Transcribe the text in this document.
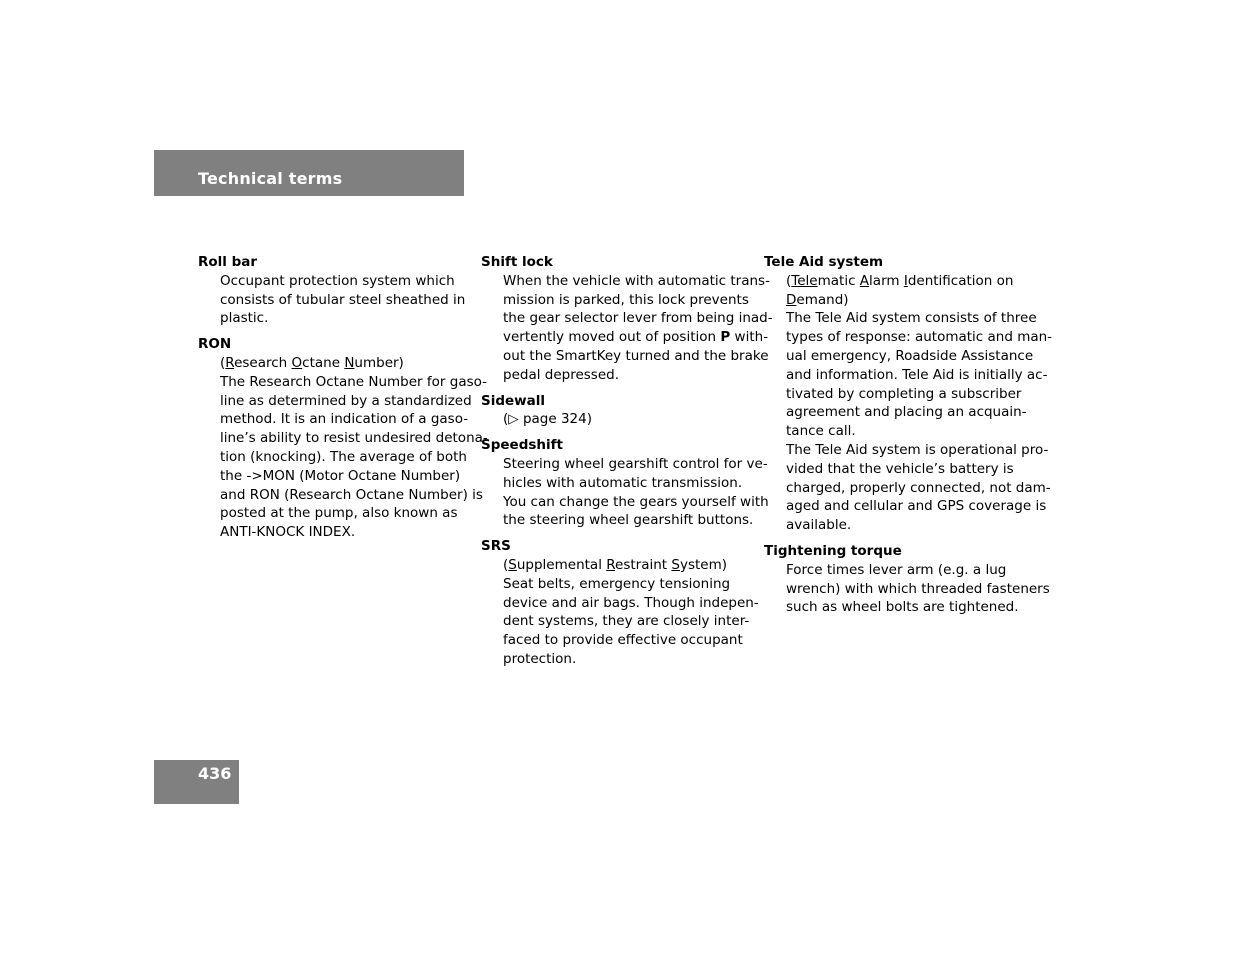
Technical terms
Roll bar
Occupant protection system which
consists of tubular steel sheathed in
plastic.
RON
(Research Octane Number)
The Research Octane Number for gaso-
line as determined by a standardized
method. It is an indication of a gaso-
line’s ability to resist undesired detona-
tion (knocking). The average of both
the ->MON (Motor Octane Number)
and RON (Research Octane Number) is
posted at the pump, also known as
ANTI-KNOCK INDEX.
Shift lock
When the vehicle with automatic trans-
mission is parked, this lock prevents
the gear selector lever from being inad-
vertently moved out of position P with-
out the SmartKey turned and the brake
pedal depressed.
Sidewall
(▷ page 324)
Speedshift
Steering wheel gearshift control for ve-
hicles with automatic transmission.
You can change the gears yourself with
the steering wheel gearshift buttons.
SRS
(Supplemental Restraint System)
Seat belts, emergency tensioning
device and air bags. Though indepen-
dent systems, they are closely inter-
faced to provide effective occupant
protection.
Tele Aid system
(Telematic Alarm Identification on
Demand)
The Tele Aid system consists of three
types of response: automatic and man-
ual emergency, Roadside Assistance
and information. Tele Aid is initially ac-
tivated by completing a subscriber
agreement and placing an acquain-
tance call.
The Tele Aid system is operational pro-
vided that the vehicle’s battery is
charged, properly connected, not dam-
aged and cellular and GPS coverage is
available.
Tightening torque
Force times lever arm (e.g. a lug
wrench) with which threaded fasteners
such as wheel bolts are tightened.
436
